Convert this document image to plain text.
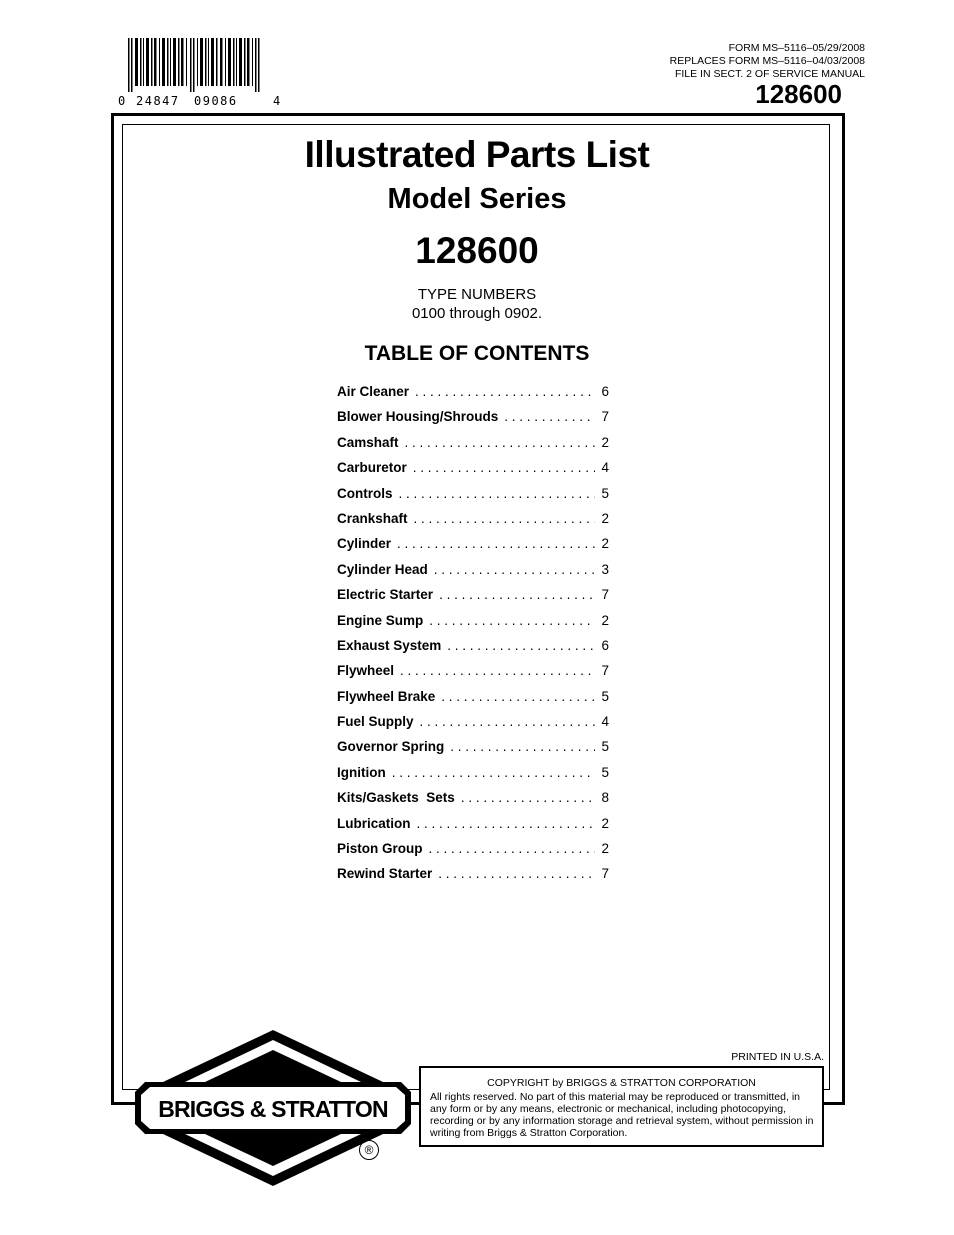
0 24847 09086	4
FORM MS–5116–05/29/2008
REPLACES FORM MS–5116–04/03/2008
FILE IN SECT. 2 OF SERVICE MANUAL
128600
Illustrated Parts List
Model Series
128600
TYPE NUMBERS
0100 through 0902.
TABLE OF CONTENTS
Air Cleaner . . .	6
Blower Housing/Shrouds . . .	7
Camshaft . . .	2
Carburetor . . .	4
Controls . . .	5
Crankshaft . . .	2
Cylinder . . .	2
Cylinder Head . . .	3
Electric Starter . . .	7
Engine Sump . . .	2
Exhaust System . . .	6
Flywheel . . .	7
Flywheel Brake . . .	5
Fuel Supply . . .	4
Governor Spring . . .	5
Ignition . . .	5
Kits/Gaskets  Sets . . .	8
Lubrication . . .	2
Piston Group . . .	2
Rewind Starter . . .	7
PRINTED IN U.S.A.
COPYRIGHT by BRIGGS & STRATTON CORPORATION
All rights reserved. No part of this material may be reproduced or transmitted, in any form or by any means, electronic or mechanical, including photocopying, recording or by any information storage and retrieval system, without permission in writing from Briggs & Stratton Corporation.
BRIGGS & STRATTON
®
